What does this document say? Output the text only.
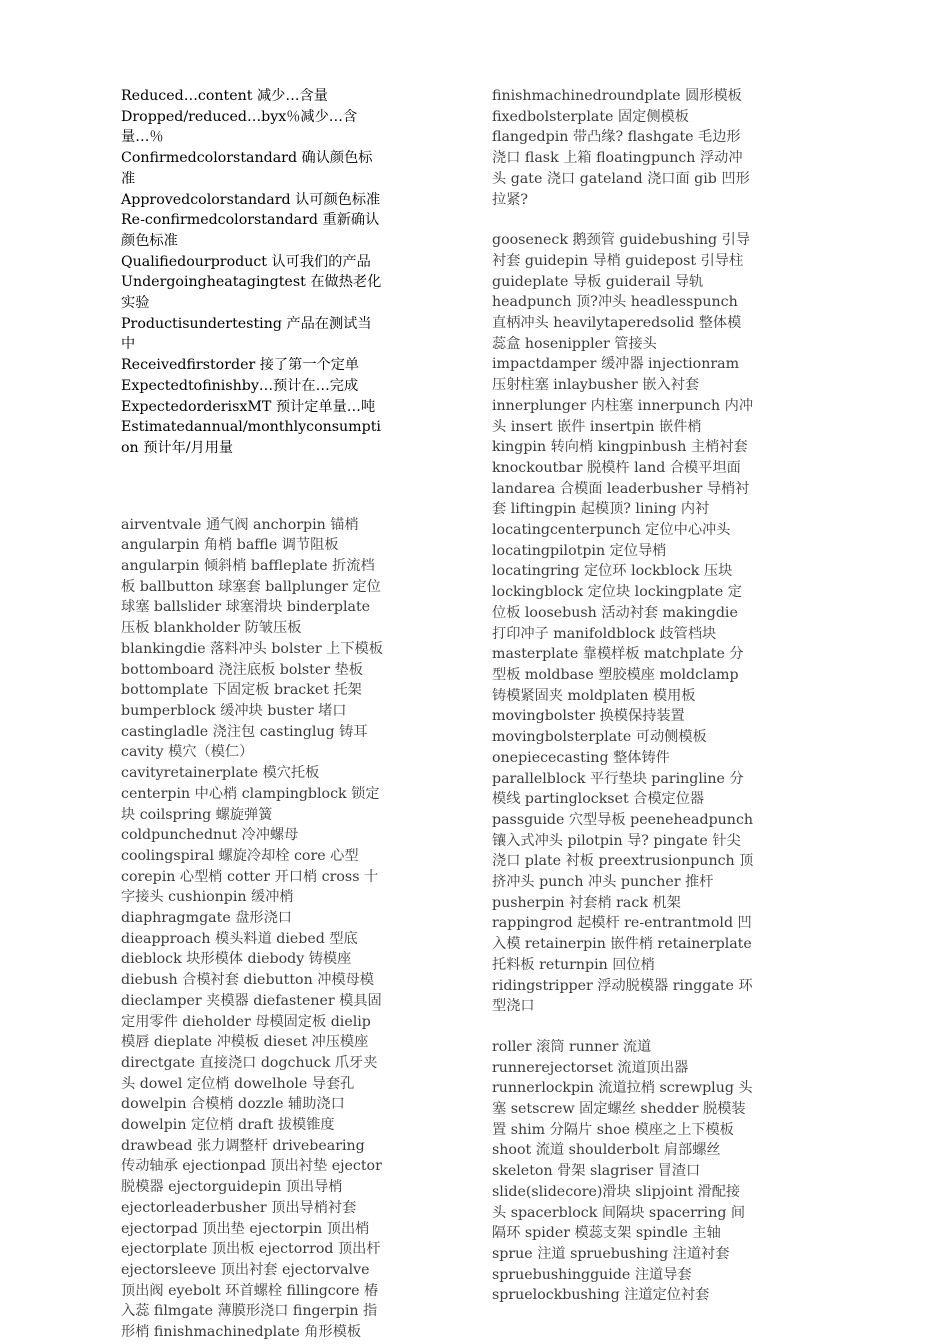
Reduced…content 减少…含量

Dropped/reduced…byx％减少…含量…％

Confirmedcolorstandard 确认颜色标准

Approvedcolorstandard 认可颜色标准

Re-confirmedcolorstandard 重新确认颜色标准

Qualifiedourproduct 认可我们的产品

Undergoingheatagingtest 在做热老化实验

Productisundertesting 产品在测试当中

Receivedfirstorder 接了第一个定单

Expectedtofinishby…预计在…完成

ExpectedorderisxMT 预计定单量…吨

Estimatedannual/monthlyconsumption 预计年/月用量

airventvale 通气阀 anchorpin 锚梢 angularpin 角梢 baffle 调节阻板 angularpin 倾斜梢 baffleplate 折流档板 ballbutton 球塞套 ballplunger 定位球塞 ballslider 球塞滑块 binderplate 压板 blankholder 防皱压板 blankingdie 落料冲头 bolster 上下模板 bottomboard 浇注底板 bolster 垫板 bottomplate 下固定板 bracket 托架 bumperblock 缓冲块 buster 堵口 castingladle 浇注包 castinglug 铸耳 cavity 模穴（模仁）cavityretainerplate 模穴托板 centerpin 中心梢 clampingblock 锁定块 coilspring 螺旋弹簧 coldpunchednut 冷冲螺母 coolingspiral 螺旋冷却栓 core 心型 corepin 心型梢 cotter 开口梢 cross 十字接头 cushionpin 缓冲梢 diaphragmgate 盘形浇口 dieapproach 模头料道 diebed 型底 dieblock 块形模体 diebody 铸模座 diebush 合模衬套 diebutton 冲模母模 dieclamper 夹模器 diefastener 模具固定用零件 dieholder 母模固定板 dielip 模唇 dieplate 冲模板 dieset 冲压模座 directgate 直接浇口 dogchuck 爪牙夹头 dowel 定位梢 dowelhole 导套孔 dowelpin 合模梢 dozzle 辅助浇口 dowelpin 定位梢 draft 拔模锥度 drawbead 张力调整杆 drivebearing 传动轴承 ejectionpad 顶出衬垫 ejector 脱模器 ejectorguidepin 顶出导梢 ejectorleaderbusher 顶出导梢衬套 ejectorpad 顶出垫 ejectorpin 顶出梢 ejectorplate 顶出板 ejectorrod 顶出杆 ejectorsleeve 顶出衬套 ejectorvalve 顶出阀 eyebolt 环首螺栓 fillingcore 椿入蕊 filmgate 薄膜形浇口 fingerpin 指形梢 finishmachinedplate 角形模板

finishmachinedroundplate 圆形模板 fixedbolsterplate 固定侧模板 flangedpin 带凸缘? flashgate 毛边形浇口 flask 上箱 floatingpunch 浮动冲头 gate 浇口 gateland 浇口面 gib 凹形拉紧?

gooseneck 鹅颈管 guidebushing 引导衬套 guidepin 导梢 guidepost 引导柱 guideplate 导板 guiderail 导轨 headpunch 顶?冲头 headlesspunch 直柄冲头 heavilytaperedsolid 整体模蕊盒 hosenippler 管接头 impactdamper 缓冲器 injectionram 压射柱塞 inlaybusher 嵌入衬套 innerplunger 内柱塞 innerpunch 内冲头 insert 嵌件 insertpin 嵌件梢 kingpin 转向梢 kingpinbush 主梢衬套 knockoutbar 脱模杵 land 合模平坦面 landarea 合模面 leaderbusher 导梢衬套 liftingpin 起模顶? lining 内衬 locatingcenterpunch 定位中心冲头 locatingpilotpin 定位导梢 locatingring 定位环 lockblock 压块 lockingblock 定位块 lockingplate 定位板 loosebush 活动衬套 makingdie 打印冲子 manifoldblock 歧管档块 masterplate 靠模样板 matchplate 分型板 moldbase 塑胶模座 moldclamp 铸模紧固夹 moldplaten 模用板 movingbolster 换模保持装置 movingbolsterplate 可动侧模板 onepiececasting 整体铸件 parallelblock 平行垫块 paringline 分模线 partinglockset 合模定位器 passguide 穴型导板 peeneheadpunch 镶入式冲头 pilotpin 导? pingate 针尖浇口 plate 衬板 preextrusionpunch 顶挤冲头 punch 冲头 puncher 推杆 pusherpin 衬套梢 rack 机架 rappingrod 起模杆 re-entrantmold 凹入模 retainerpin 嵌件梢 retainerplate 托料板 returnpin 回位梢 ridingstripper 浮动脱模器 ringgate 环型浇口

roller 滚筒 runner 流道 runnerejectorset 流道顶出器 runnerlockpin 流道拉梢 screwplug 头塞 setscrew 固定螺丝 shedder 脱模装置 shim 分隔片 shoe 模座之上下模板 shoot 流道 shoulderbolt 肩部螺丝 skeleton 骨架 slagriser 冒渣口 slide(slidecore)滑块 slipjoint 滑配接头 spacerblock 间隔块 spacerring 间隔环 spider 模蕊支架 spindle 主轴 sprue 注道 spruebushing 注道衬套 spruebushingguide 注道导套 spruelockbushing 注道定位衬套
